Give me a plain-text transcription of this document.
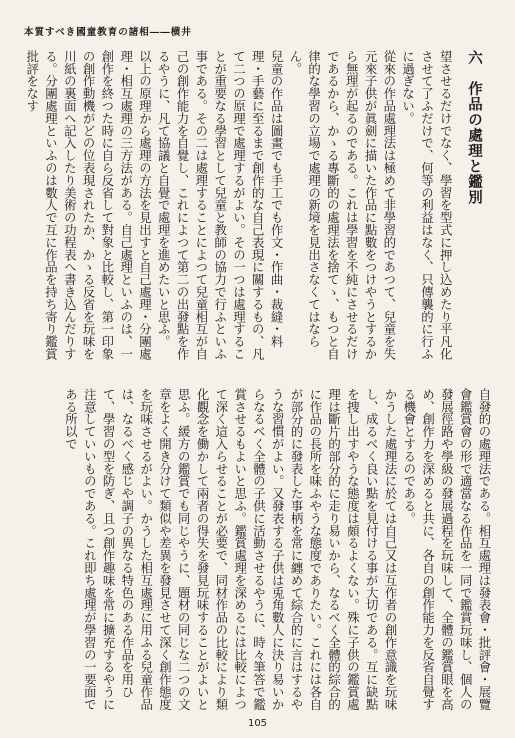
本質すべき國童教育の諸相――横井

六　作品の處理と鑑別

望させるだけでなく、學習を型式に押し込めたり平凡化させて了ふだけで、何等の利益はなく、只傳襲的に行ふに過ぎない。

從來の作品處理法は極めて非學習的であつて、兒童を失元來子供が眞劍に描いた作品に點數をつけやうとするから無理が起るのである。これは學習を不純にさせるだけであるから、かゝる專斷的の處理法を捨てゝ、もつと自律的な學習の立場で處理の新境を見出さなくてはならん。

兒童の作品は圖畫でも手工でも作文・作曲・裁縫・料理・手藝に至るまで創作的な自己表現に關するもの、凡て二つの原理で處理するがよい。その一つは處理することが重要なる學習として兒童と教師の協力で行ふといふ事である。その二は處理することによつて兒童相互が自己の創作能力を自覺し、これによつて第二の出發點を作るやうに、凡て協議と自覺で處理を進めたいと思ふ。

以上の原理から處理の方法を見出すと自己處理・分團處理・相互處理の三方法がある。自己處理といふのは、一創作を終つた時に自ら反省して對象と比較し、第一印象の創作動機がどの位表現されたか、かゝる反省を玩味を川紙の裏面へ記入したり美術の功程表へ書き込んだりする。分團處理といふのは數人で互に作品を持ち寄り鑑賞批評をなす

自發的の處理法である。相互處理は發表會・批評會・展覽會鑑賞會の形で適當なる作品を一同で鑑賞玩味し、個人の發展徑路や學級の發展過程を玩味して、全體の鑑賞眼を高め、創作力を深めると共に、各自の創作能力を反省自覺する機會とするのである。

かうした處理法に於ては自己又は互作者の創作意識を玩味し、成るべく良い點を見付ける事が大切である。互に缺點を捜し出すやうな態度は頗るよくない。殊に子供の鑑賞處理は斷片的部分的に走り易いから、なるべく全體的綜合的に作品の長所を味ふやうな態度でありたい。これには各自が部分的に發表した事柄を常に纏めて綜合的に言はするやうな習慣がよい。又發表する子供は兎角數人に決り易いからなるべく全體の子供に活動させるやうに、時々筆答で鑑賞させるもよいと思ふ。鑑賞處理を深めるには比較によつて深く這入らせることが必要で、同材作品の比較により類化觀念を働かして兩者の得失を發見玩味することがよいと思ふ。緩方の鑑賞でも同じやうに、題材の同じな二つの文章をよく開き分けて類似や差異を發見させて深く創作態度を玩味させるがよい。かうした相互處理に用ふる兒童作品は、なるべく感じや調子の異なる特色のある作品を用ひて、學習の型を防ぎ、且つ創作趣味を常に擴充するやうに注意していいものである。これ即ち處理が學習の一要面である所以で

105
